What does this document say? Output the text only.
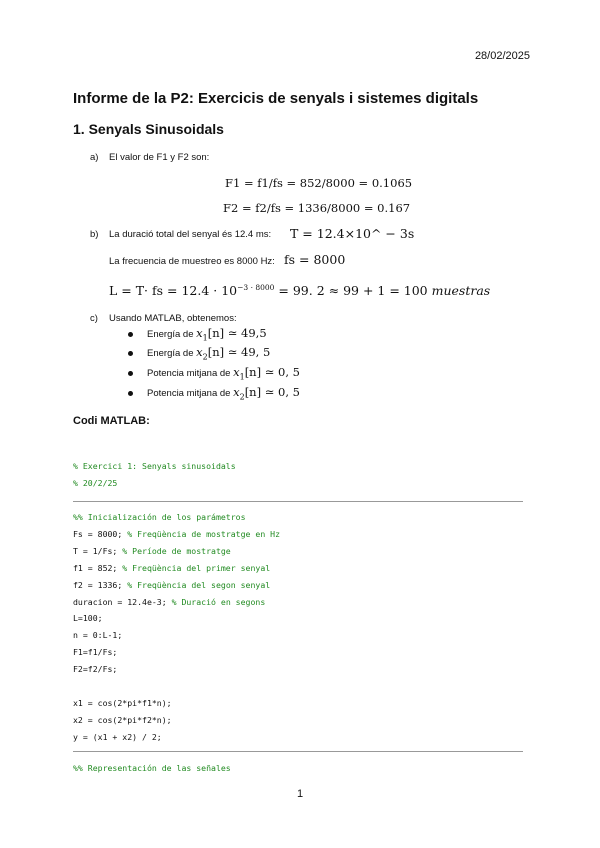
28/02/2025
Informe de la P2: Exercicis de senyals i sistemes digitals
1. Senyals Sinusoidals
a) El valor de F1 y F2 son:
F1 = f1/fs = 852/8000 = 0.1065
F2 = f2/fs = 1336/8000 = 0.167
b) La duració total del senyal és 12.4 ms: T = 12.4×10^ − 3s
La frecuencia de muestreo es 8000 Hz: fs = 8000
L = T· fs = $12.4 \cdot 10^{-3 \cdot 8000} = 99$. 2 ≈ 99 + 1 = 100 muestras
c) Usando MATLAB, obtenemos:
Energía de $x_1[n]$ ≃ 49,5
Energía de $x_2[n]$ ≃ 49, 5
Potencia mitjana de $x_1[n]$ ≃ 0, 5
Potencia mitjana de $x_2[n]$ ≃ 0, 5
Codi MATLAB:
% Exercici 1: Senyals sinusoidals
% 20/2/25
%% Inicialización de los parámetros
Fs = 8000; % Freqüència de mostratge en Hz
T = 1/Fs; % Període de mostratge
f1 = 852; % Freqüència del primer senyal
f2 = 1336; % Freqüència del segon senyal
duracion = 12.4e-3; % Duració en segons
L=100;
n = 0:L-1;
F1=f1/Fs;
F2=f2/Fs;
x1 = cos(2*pi*f1*n);
x2 = cos(2*pi*f2*n);
y = (x1 + x2) / 2;
%% Representación de las señales
1
